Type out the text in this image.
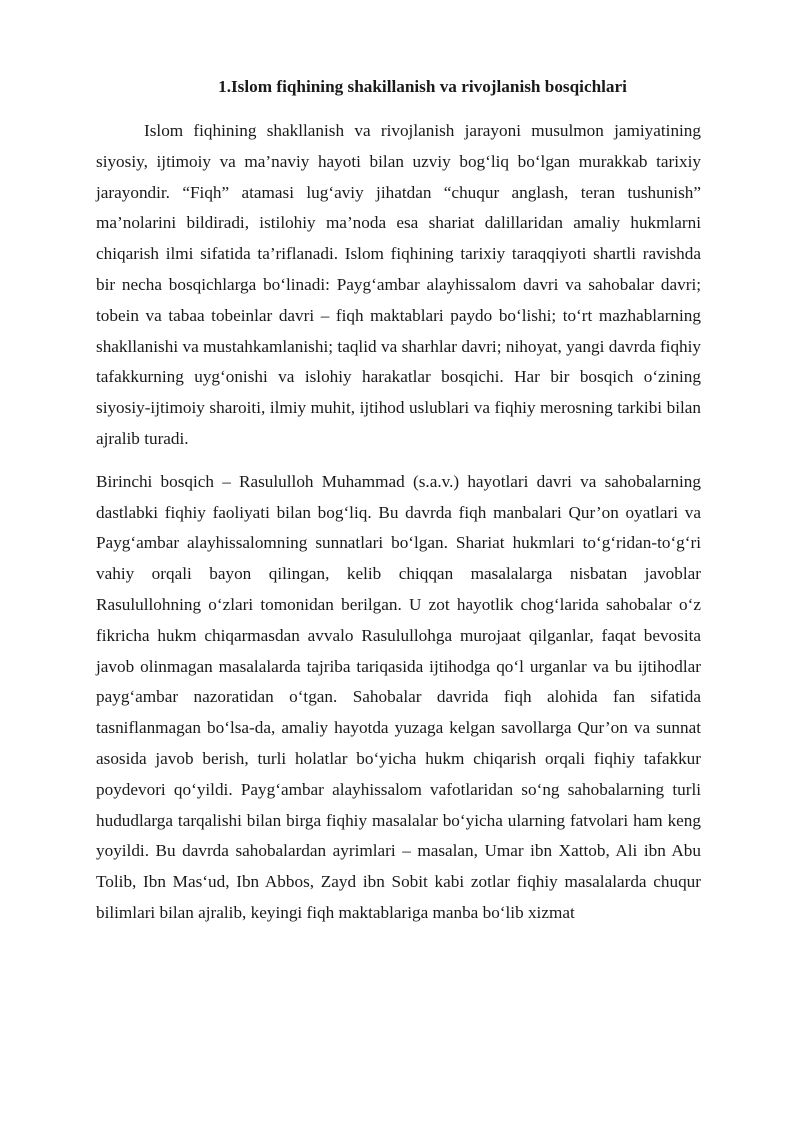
1.Islom fiqhining shakillanish va rivojlanish bosqichlari

Islom fiqhining shakllanish va rivojlanish jarayoni musulmon jamiyatining siyosiy, ijtimoiy va ma’naviy hayoti bilan uzviy bog‘liq bo‘lgan murakkab tarixiy jarayondir. “Fiqh” atamasi lug‘aviy jihatdan “chuqur anglash, teran tushunish” ma’nolarini bildiradi, istilohiy ma’noda esa shariat dalillaridan amaliy hukmlarni chiqarish ilmi sifatida ta’riflanadi. Islom fiqhining tarixiy taraqqiyoti shartli ravishda bir necha bosqichlarga bo‘linadi: Payg‘ambar alayhissalom davri va sahobalar davri; tobein va tabaa tobeinlar davri – fiqh maktablari paydo bo‘lishi; to‘rt mazhablarning shakllanishi va mustahkamlanishi; taqlid va sharhlar davri; nihoyat, yangi davrda fiqhiy tafakkurning uyg‘onishi va islohiy harakatlar bosqichi. Har bir bosqich o‘zining siyosiy-ijtimoiy sharoiti, ilmiy muhit, ijtihod uslublari va fiqhiy merosning tarkibi bilan ajralib turadi.

Birinchi bosqich – Rasululloh Muhammad (s.a.v.) hayotlari davri va sahobalarning dastlabki fiqhiy faoliyati bilan bog‘liq. Bu davrda fiqh manbalari Qur’on oyatlari va Payg‘ambar alayhissalomning sunnatlari bo‘lgan. Shariat hukmlari to‘g‘ridan-to‘g‘ri vahiy orqali bayon qilingan, kelib chiqqan masalalarga nisbatan javoblar Rasulullohning o‘zlari tomonidan berilgan. U zot hayotlik chog‘larida sahobalar o‘z fikricha hukm chiqarmasdan avvalo Rasulullohga murojaat qilganlar, faqat bevosita javob olinmagan masalalarda tajriba tariqasida ijtihodga qo‘l urganlar va bu ijtihodlar payg‘ambar nazoratidan o‘tgan. Sahobalar davrida fiqh alohida fan sifatida tasniflanmagan bo‘lsa-da, amaliy hayotda yuzaga kelgan savollarga Qur’on va sunnat asosida javob berish, turli holatlar bo‘yicha hukm chiqarish orqali fiqhiy tafakkur poydevori qo‘yildi. Payg‘ambar alayhissalom vafotlaridan so‘ng sahobalarning turli hududlarga tarqalishi bilan birga fiqhiy masalalar bo‘yicha ularning fatvolari ham keng yoyildi. Bu davrda sahobalardan ayrimlari – masalan, Umar ibn Xattob, Ali ibn Abu Tolib, Ibn Mas‘ud, Ibn Abbos, Zayd ibn Sobit kabi zotlar fiqhiy masalalarda chuqur bilimlari bilan ajralib, keyingi fiqh maktablariga manba bo‘lib xizmat
